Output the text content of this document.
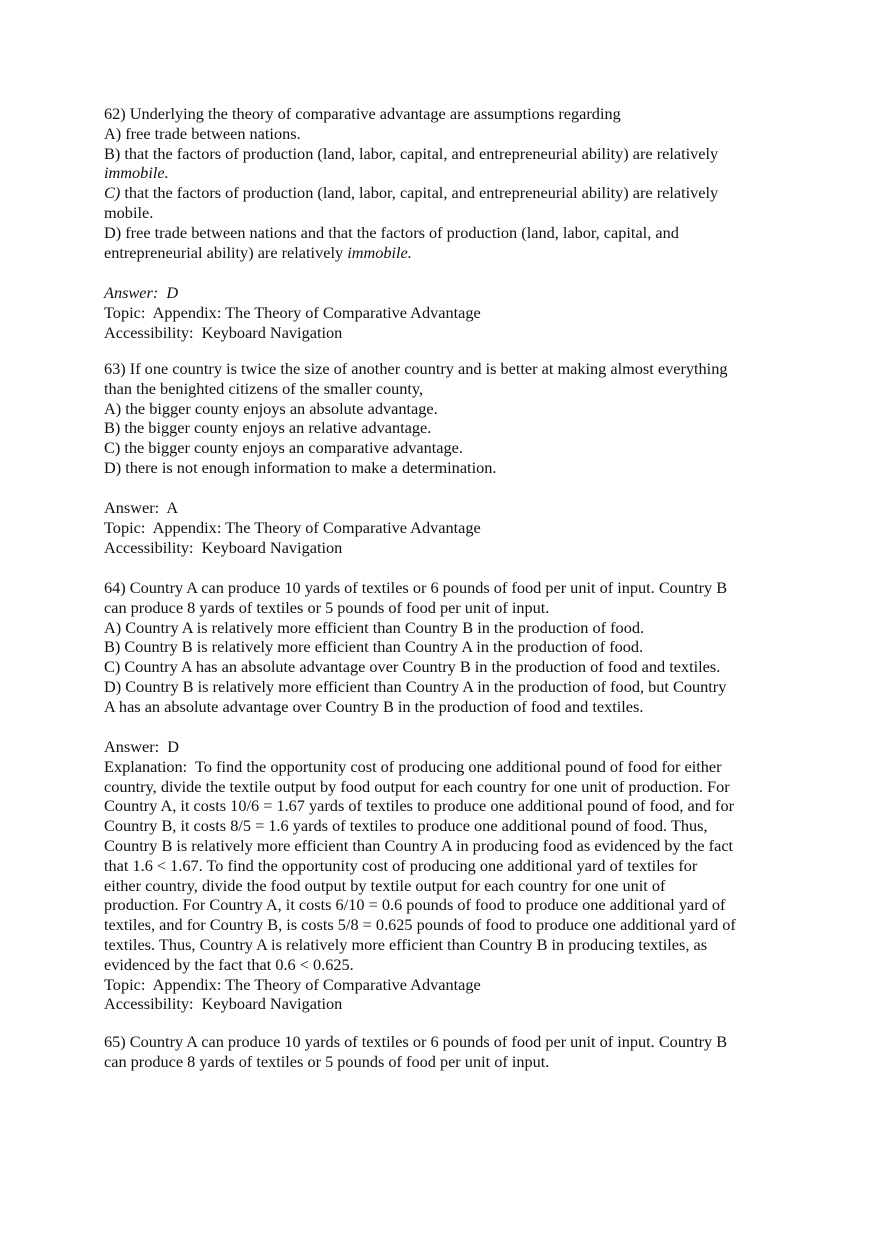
62) Underlying the theory of comparative advantage are assumptions regarding
A) free trade between nations.
B) that the factors of production (land, labor, capital, and entrepreneurial ability) are relatively
immobile.
C) that the factors of production (land, labor, capital, and entrepreneurial ability) are relatively
mobile.
D) free trade between nations and that the factors of production (land, labor, capital, and
entrepreneurial ability) are relatively immobile.
Answer:  D
Topic:  Appendix: The Theory of Comparative Advantage
Accessibility:  Keyboard Navigation
63) If one country is twice the size of another country and is better at making almost everything
than the benighted citizens of the smaller county,
A) the bigger county enjoys an absolute advantage.
B) the bigger county enjoys an relative advantage.
C) the bigger county enjoys an comparative advantage.
D) there is not enough information to make a determination.
Answer:  A
Topic:  Appendix: The Theory of Comparative Advantage
Accessibility:  Keyboard Navigation
64) Country A can produce 10 yards of textiles or 6 pounds of food per unit of input. Country B
can produce 8 yards of textiles or 5 pounds of food per unit of input.
A) Country A is relatively more efficient than Country B in the production of food.
B) Country B is relatively more efficient than Country A in the production of food.
C) Country A has an absolute advantage over Country B in the production of food and textiles.
D) Country B is relatively more efficient than Country A in the production of food, but Country
A has an absolute advantage over Country B in the production of food and textiles.
Answer:  D
Explanation:  To find the opportunity cost of producing one additional pound of food for either
country, divide the textile output by food output for each country for one unit of production. For
Country A, it costs 10/6 = 1.67 yards of textiles to produce one additional pound of food, and for
Country B, it costs 8/5 = 1.6 yards of textiles to produce one additional pound of food. Thus,
Country B is relatively more efficient than Country A in producing food as evidenced by the fact
that 1.6 < 1.67. To find the opportunity cost of producing one additional yard of textiles for
either country, divide the food output by textile output for each country for one unit of
production. For Country A, it costs 6/10 = 0.6 pounds of food to produce one additional yard of
textiles, and for Country B, is costs 5/8 = 0.625 pounds of food to produce one additional yard of
textiles. Thus, Country A is relatively more efficient than Country B in producing textiles, as
evidenced by the fact that 0.6 < 0.625.
Topic:  Appendix: The Theory of Comparative Advantage
Accessibility:  Keyboard Navigation
65) Country A can produce 10 yards of textiles or 6 pounds of food per unit of input. Country B
can produce 8 yards of textiles or 5 pounds of food per unit of input.
